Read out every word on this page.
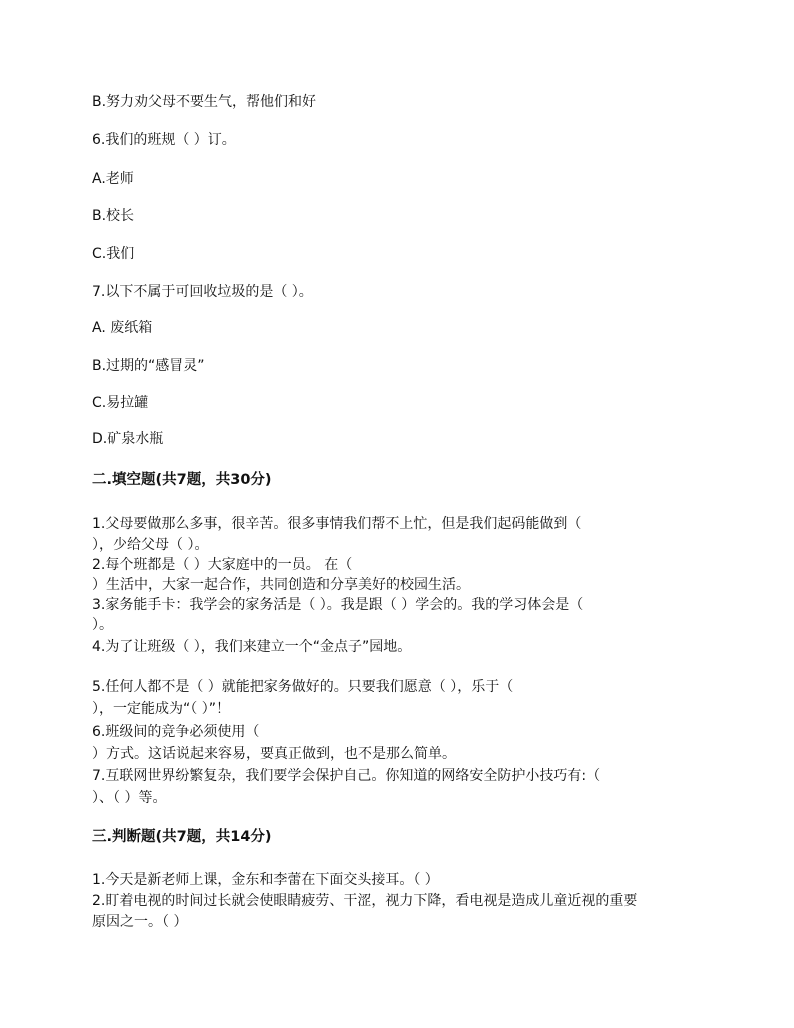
B.努力劝父母不要生气，帮他们和好
6.我们的班规（ ）订。
A.老师
B.校长
C.我们
7.以下不属于可回收垃圾的是（ ）。
A. 废纸箱
B.过期的“感冒灵”
C.易拉罐
D.矿泉水瓶
二.填空题(共7题，共30分)
1.父母要做那么多事，很辛苦。很多事情我们帮不上忙，但是我们起码能做到（
），少给父母（ ）。
2.每个班都是（ ）大家庭中的一员。 在（
）生活中，大家一起合作，共同创造和分享美好的校园生活。
3.家务能手卡：我学会的家务活是（ ）。我是跟（ ）学会的。我的学习体会是（
）。
4.为了让班级（ ），我们来建立一个“金点子”园地。
5.任何人都不是（ ）就能把家务做好的。只要我们愿意（ ），乐于（
），一定能成为“（ ）”！
6.班级间的竞争必须使用（
）方式。这话说起来容易，要真正做到，也不是那么简单。
7.互联网世界纷繁复杂，我们要学会保护自己。你知道的网络安全防护小技巧有:（
）、（ ）等。
三.判断题(共7题，共14分)
1.今天是新老师上课，金东和李蕾在下面交头接耳。（ ）
2.盯着电视的时间过长就会使眼睛疲劳、干涩，视力下降，看电视是造成儿童近视的重要
原因之一。（ ）
